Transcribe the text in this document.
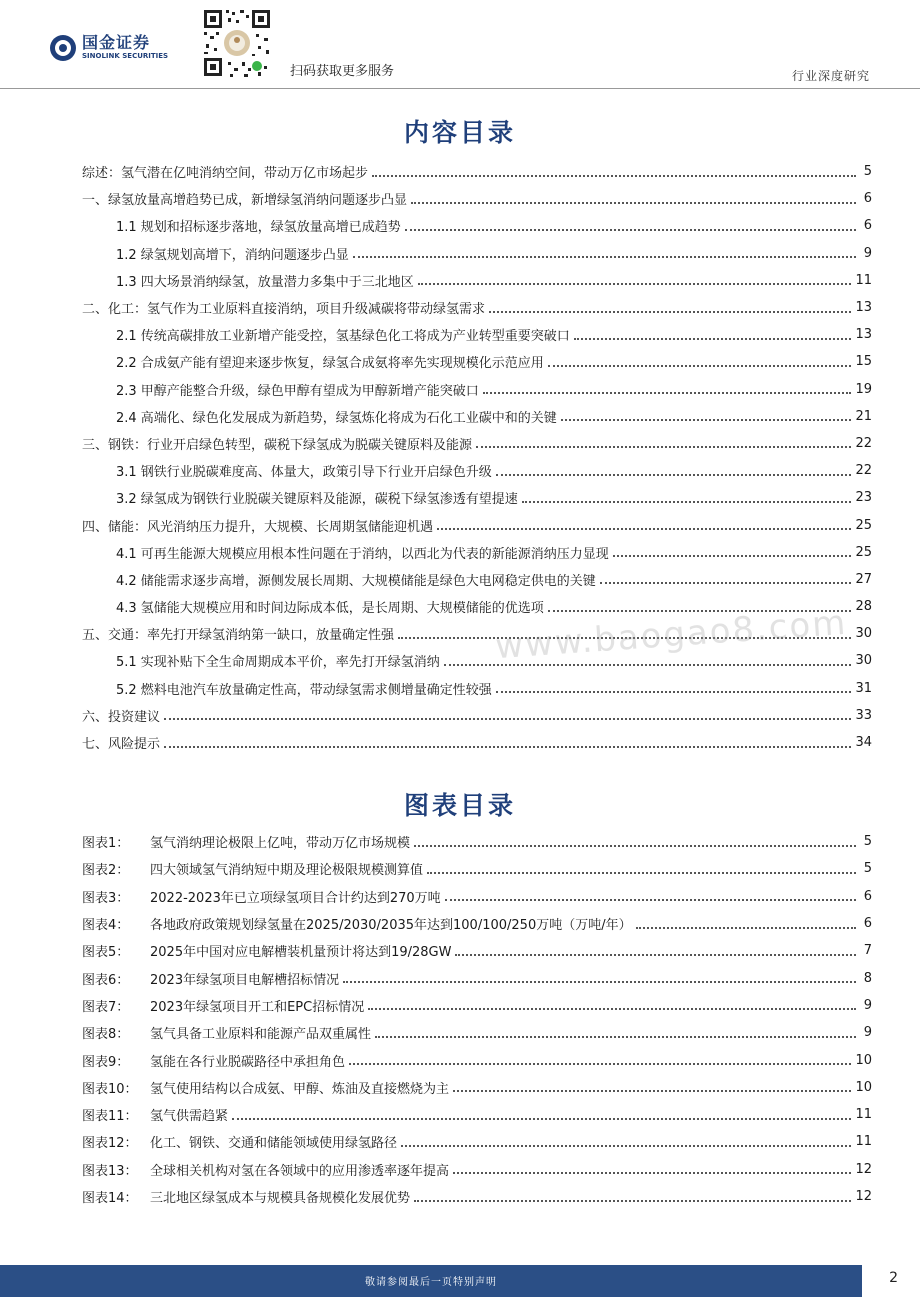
国金证券
SINOLINK SECURITIES
扫码获取更多服务	行业深度研究
内容目录
综述：氢气潜在亿吨消纳空间，带动万亿市场起步	5
一、绿氢放量高增趋势已成，新增绿氢消纳问题逐步凸显	6
1.1 规划和招标逐步落地，绿氢放量高增已成趋势	6
1.2 绿氢规划高增下，消纳问题逐步凸显	9
1.3 四大场景消纳绿氢，放量潜力多集中于三北地区	11
二、化工：氢气作为工业原料直接消纳，项目升级减碳将带动绿氢需求	13
2.1 传统高碳排放工业新增产能受控，氢基绿色化工将成为产业转型重要突破口	13
2.2 合成氨产能有望迎来逐步恢复，绿氢合成氨将率先实现规模化示范应用	15
2.3 甲醇产能整合升级，绿色甲醇有望成为甲醇新增产能突破口	19
2.4 高端化、绿色化发展成为新趋势，绿氢炼化将成为石化工业碳中和的关键	21
三、钢铁：行业开启绿色转型，碳税下绿氢成为脱碳关键原料及能源	22
3.1 钢铁行业脱碳难度高、体量大，政策引导下行业开启绿色升级	22
3.2 绿氢成为钢铁行业脱碳关键原料及能源，碳税下绿氢渗透有望提速	23
四、储能：风光消纳压力提升，大规模、长周期氢储能迎机遇	25
4.1 可再生能源大规模应用根本性问题在于消纳，以西北为代表的新能源消纳压力显现	25
4.2 储能需求逐步高增，源侧发展长周期、大规模储能是绿色大电网稳定供电的关键	27
4.3 氢储能大规模应用和时间边际成本低，是长周期、大规模储能的优选项	28
五、交通：率先打开绿氢消纳第一缺口，放量确定性强	30
5.1 实现补贴下全生命周期成本平价，率先打开绿氢消纳	30
5.2 燃料电池汽车放量确定性高，带动绿氢需求侧增量确定性较强	31
六、投资建议	33
七、风险提示	34
www.baogao8.com
图表目录
图表1： 氢气消纳理论极限上亿吨，带动万亿市场规模	5
图表2： 四大领域氢气消纳短中期及理论极限规模测算值	5
图表3： 2022-2023年已立项绿氢项目合计约达到270万吨	6
图表4： 各地政府政策规划绿氢量在2025/2030/2035年达到100/100/250万吨（万吨/年）	6
图表5： 2025年中国对应电解槽装机量预计将达到19/28GW	7
图表6： 2023年绿氢项目电解槽招标情况	8
图表7： 2023年绿氢项目开工和EPC招标情况	9
图表8： 氢气具备工业原料和能源产品双重属性	9
图表9： 氢能在各行业脱碳路径中承担角色	10
图表10： 氢气使用结构以合成氨、甲醇、炼油及直接燃烧为主	10
图表11： 氢气供需趋紧	11
图表12： 化工、钢铁、交通和储能领域使用绿氢路径	11
图表13： 全球相关机构对氢在各领域中的应用渗透率逐年提高	12
图表14： 三北地区绿氢成本与规模具备规模化发展优势	12
敬请参阅最后一页特别声明	2
